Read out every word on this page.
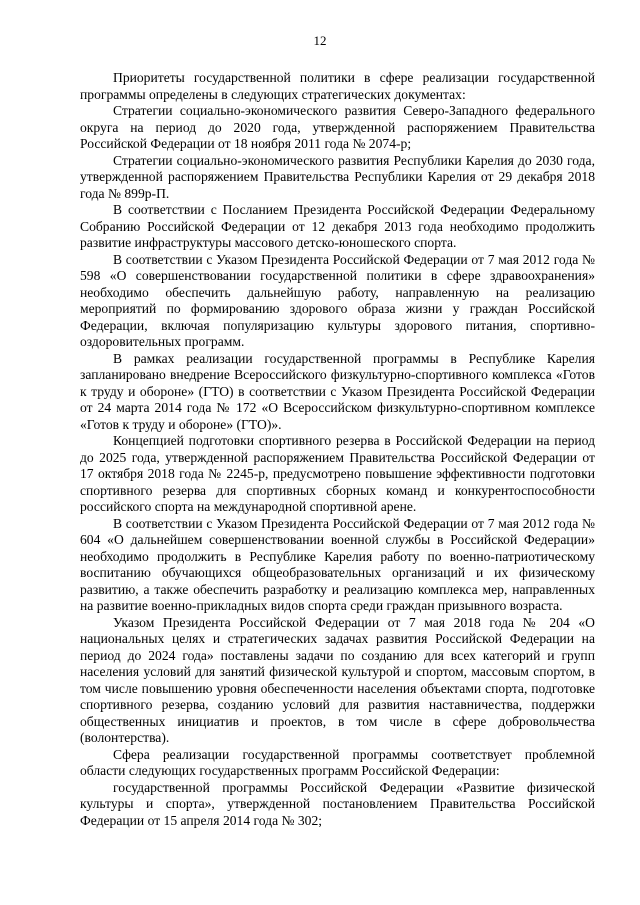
12

Приоритеты государственной политики в сфере реализации государственной программы определены в следующих стратегических документах:

Стратегии социально-экономического развития Северо-Западного федерального округа на период до 2020 года, утвержденной распоряжением Правительства Российской Федерации от 18 ноября 2011 года № 2074-р;

Стратегии социально-экономического развития Республики Карелия до 2030 года, утвержденной распоряжением Правительства Республики Карелия от 29 декабря 2018 года № 899р-П.

В соответствии с Посланием Президента Российской Федерации Федеральному Собранию Российской Федерации от 12 декабря 2013 года необходимо продолжить развитие инфраструктуры массового детско-юношеского спорта.

В соответствии с Указом Президента Российской Федерации от 7 мая 2012 года № 598 «О совершенствовании государственной политики в сфере здравоохранения» необходимо обеспечить дальнейшую работу, направленную на реализацию мероприятий по формированию здорового образа жизни у граждан Российской Федерации, включая популяризацию культуры здорового питания, спортивно-оздоровительных программ.

В рамках реализации государственной программы в Республике Карелия запланировано внедрение Всероссийского физкультурно-спортивного комплекса «Готов к труду и обороне» (ГТО) в соответствии с Указом Президента Российской Федерации от 24 марта 2014 года № 172 «О Всероссийском физкультурно-спортивном комплексе «Готов к труду и обороне» (ГТО)».

Концепцией подготовки спортивного резерва в Российской Федерации на период до 2025 года, утвержденной распоряжением Правительства Российской Федерации от 17 октября 2018 года № 2245-р, предусмотрено повышение эффективности подготовки спортивного резерва для спортивных сборных команд и конкурентоспособности российского спорта на международной спортивной арене.

В соответствии с Указом Президента Российской Федерации от 7 мая 2012 года № 604 «О дальнейшем совершенствовании военной службы в Российской Федерации» необходимо продолжить в Республике Карелия работу по военно-патриотическому воспитанию обучающихся общеобразовательных организаций и их физическому развитию, а также обеспечить разработку и реализацию комплекса мер, направленных на развитие военно-прикладных видов спорта среди граждан призывного возраста.

Указом Президента Российской Федерации от 7 мая 2018 года № 204 «О национальных целях и стратегических задачах развития Российской Федерации на период до 2024 года» поставлены задачи по созданию для всех категорий и групп населения условий для занятий физической культурой и спортом, массовым спортом, в том числе повышению уровня обеспеченности населения объектами спорта, подготовке спортивного резерва, созданию условий для развития наставничества, поддержки общественных инициатив и проектов, в том числе в сфере добровольчества (волонтерства).

Сфера реализации государственной программы соответствует проблемной области следующих государственных программ Российской Федерации:

государственной программы Российской Федерации «Развитие физической культуры и спорта», утвержденной постановлением Правительства Российской Федерации от 15 апреля 2014 года № 302;
